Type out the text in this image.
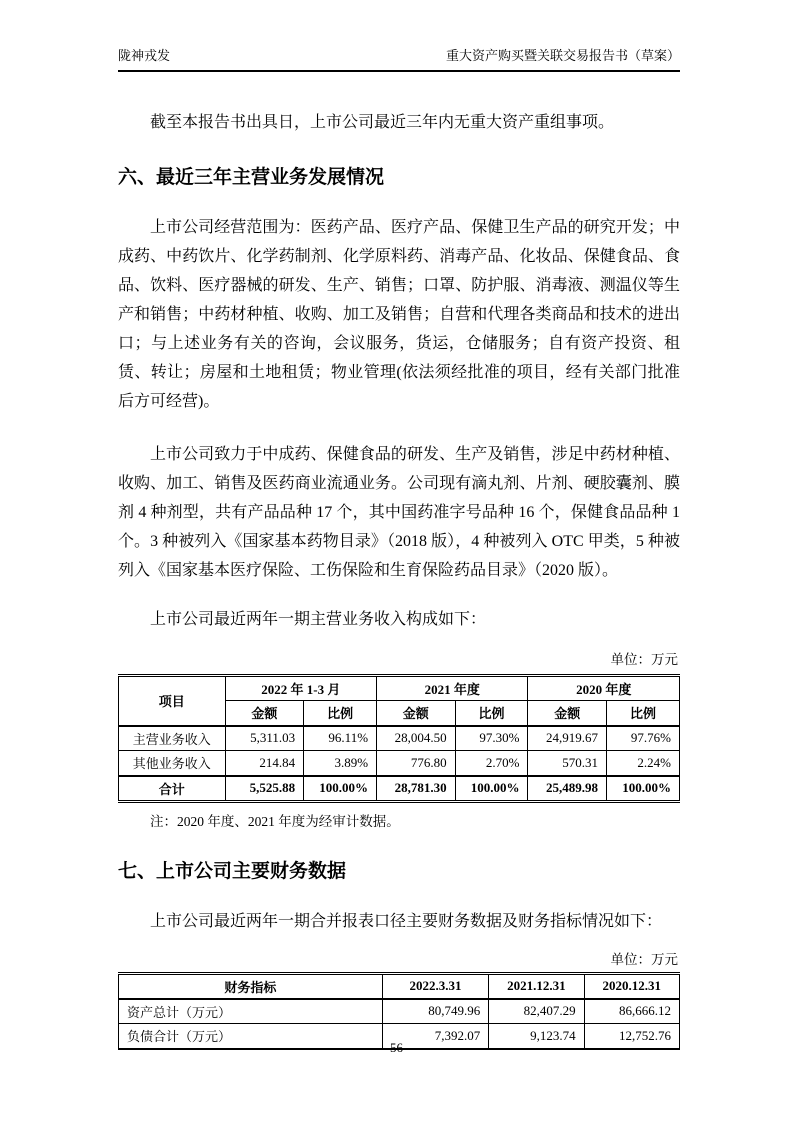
陇神戎发	重大资产购买暨关联交易报告书（草案）

截至本报告书出具日，上市公司最近三年内无重大资产重组事项。

六、最近三年主营业务发展情况

上市公司经营范围为：医药产品、医疗产品、保健卫生产品的研究开发；中成药、中药饮片、化学药制剂、化学原料药、消毒产品、化妆品、保健食品、食品、饮料、医疗器械的研发、生产、销售；口罩、防护服、消毒液、测温仪等生产和销售；中药材种植、收购、加工及销售；自营和代理各类商品和技术的进出口；与上述业务有关的咨询，会议服务，货运，仓储服务；自有资产投资、租赁、转让；房屋和土地租赁；物业管理(依法须经批准的项目，经有关部门批准后方可经营)。

上市公司致力于中成药、保健食品的研发、生产及销售，涉足中药材种植、收购、加工、销售及医药商业流通业务。公司现有滴丸剂、片剂、硬胶囊剂、膜剂 4 种剂型，共有产品品种 17 个，其中国药准字号品种 16 个，保健食品品种 1 个。3 种被列入《国家基本药物目录》（2018 版），4 种被列入 OTC 甲类，5 种被列入《国家基本医疗保险、工伤保险和生育保险药品目录》（2020 版）。

上市公司最近两年一期主营业务收入构成如下：

单位：万元
项目	2022 年 1-3 月		2021 年度		2020 年度	
	金额	比例	金额	比例	金额	比例
主营业务收入	5,311.03	96.11%	28,004.50	97.30%	24,919.67	97.76%
其他业务收入	214.84	3.89%	776.80	2.70%	570.31	2.24%
合计	5,525.88	100.00%	28,781.30	100.00%	25,489.98	100.00%

注：2020 年度、2021 年度为经审计数据。

七、上市公司主要财务数据

上市公司最近两年一期合并报表口径主要财务数据及财务指标情况如下：

单位：万元
财务指标	2022.3.31	2021.12.31	2020.12.31
资产总计（万元）	80,749.96	82,407.29	86,666.12
负债合计（万元）	7,392.07	9,123.74	12,752.76
56
